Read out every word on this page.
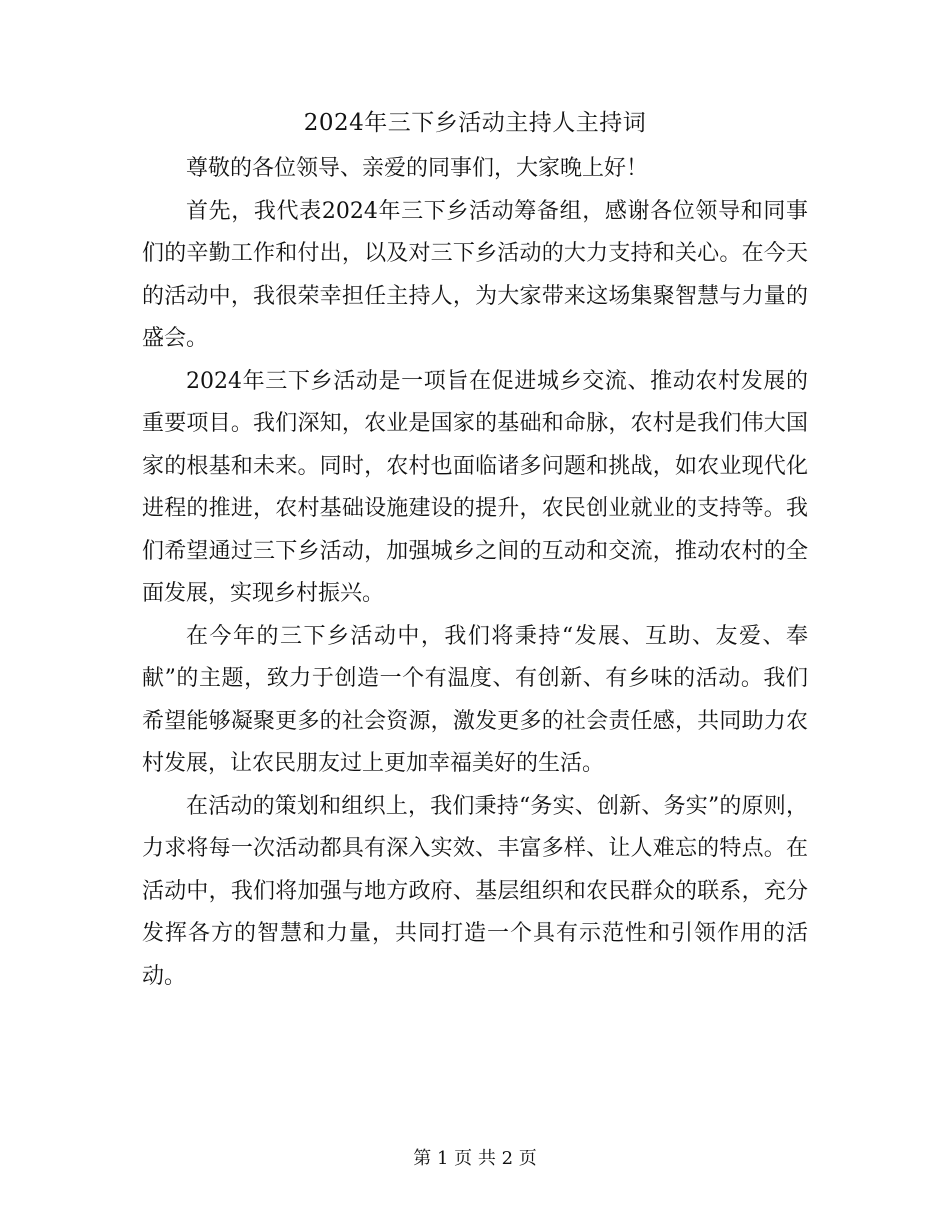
2024年三下乡活动主持人主持词

尊敬的各位领导、亲爱的同事们，大家晚上好！

首先，我代表2024年三下乡活动筹备组，感谢各位领导和同事们的辛勤工作和付出，以及对三下乡活动的大力支持和关心。在今天的活动中，我很荣幸担任主持人，为大家带来这场集聚智慧与力量的盛会。

2024年三下乡活动是一项旨在促进城乡交流、推动农村发展的重要项目。我们深知，农业是国家的基础和命脉，农村是我们伟大国家的根基和未来。同时，农村也面临诸多问题和挑战，如农业现代化进程的推进，农村基础设施建设的提升，农民创业就业的支持等。我们希望通过三下乡活动，加强城乡之间的互动和交流，推动农村的全面发展，实现乡村振兴。

在今年的三下乡活动中，我们将秉持“发展、互助、友爱、奉献”的主题，致力于创造一个有温度、有创新、有乡味的活动。我们希望能够凝聚更多的社会资源，激发更多的社会责任感，共同助力农村发展，让农民朋友过上更加幸福美好的生活。

在活动的策划和组织上，我们秉持“务实、创新、务实”的原则，力求将每一次活动都具有深入实效、丰富多样、让人难忘的特点。在活动中，我们将加强与地方政府、基层组织和农民群众的联系，充分发挥各方的智慧和力量，共同打造一个具有示范性和引领作用的活动。

第 1 页 共 2 页
